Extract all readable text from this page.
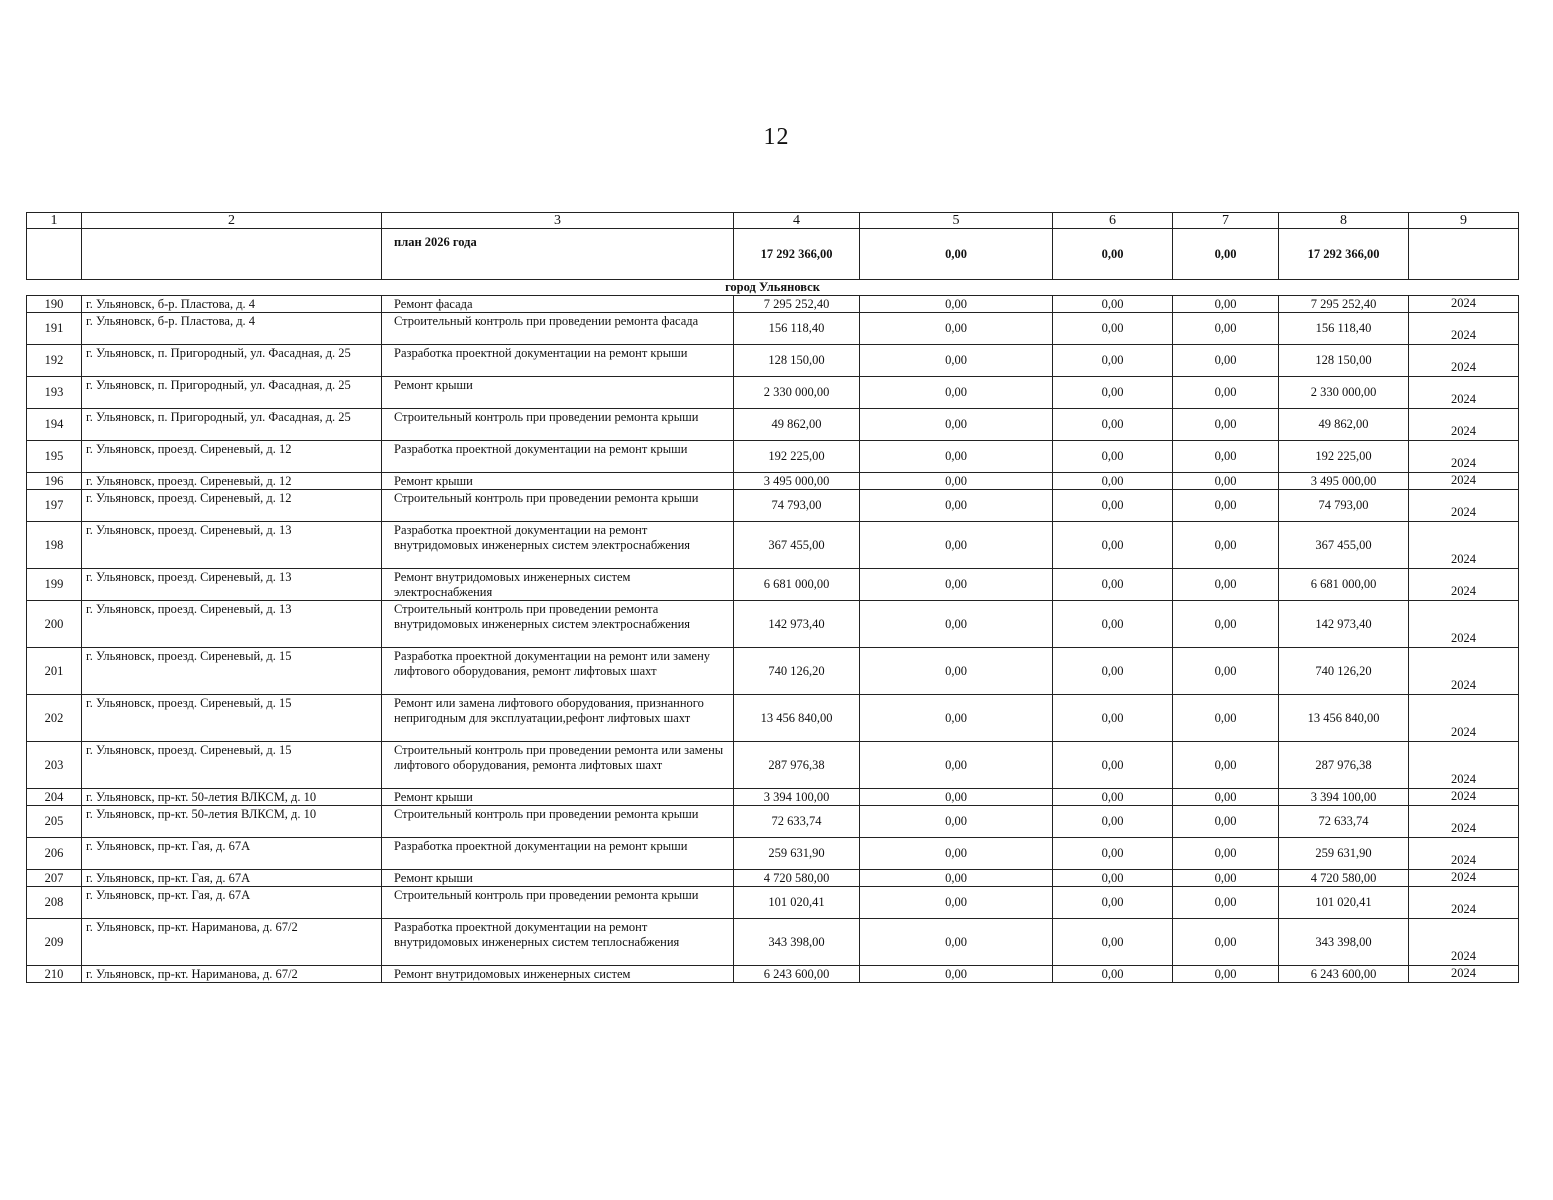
12
1	2	3	4	5	6	7	8	9
		план 2026 года	17 292 366,00	0,00	0,00	0,00	17 292 366,00	
город Ульяновск								
190	г. Ульяновск, б-р. Пластова, д. 4	Ремонт фасада	7 295 252,40	0,00	0,00	0,00	7 295 252,40	2024
191	г. Ульяновск, б-р. Пластова, д. 4	Строительный контроль при проведении ремонта фасада	156 118,40	0,00	0,00	0,00	156 118,40	2024
192	г. Ульяновск, п. Пригородный, ул. Фасадная, д. 25	Разработка проектной документации на ремонт крыши	128 150,00	0,00	0,00	0,00	128 150,00	2024
193	г. Ульяновск, п. Пригородный, ул. Фасадная, д. 25	Ремонт крыши	2 330 000,00	0,00	0,00	0,00	2 330 000,00	2024
194	г. Ульяновск, п. Пригородный, ул. Фасадная, д. 25	Строительный контроль при проведении ремонта крыши	49 862,00	0,00	0,00	0,00	49 862,00	2024
195	г. Ульяновск, проезд. Сиреневый, д. 12	Разработка проектной документации на ремонт крыши	192 225,00	0,00	0,00	0,00	192 225,00	2024
196	г. Ульяновск, проезд. Сиреневый, д. 12	Ремонт крыши	3 495 000,00	0,00	0,00	0,00	3 495 000,00	2024
197	г. Ульяновск, проезд. Сиреневый, д. 12	Строительный контроль при проведении ремонта крыши	74 793,00	0,00	0,00	0,00	74 793,00	2024
198	г. Ульяновск, проезд. Сиреневый, д. 13	Разработка проектной документации на ремонт внутридомовых инженерных систем электроснабжения	367 455,00	0,00	0,00	0,00	367 455,00	2024
199	г. Ульяновск, проезд. Сиреневый, д. 13	Ремонт внутридомовых инженерных систем электроснабжения	6 681 000,00	0,00	0,00	0,00	6 681 000,00	2024
200	г. Ульяновск, проезд. Сиреневый, д. 13	Строительный контроль при проведении ремонта внутридомовых инженерных систем электроснабжения	142 973,40	0,00	0,00	0,00	142 973,40	2024
201	г. Ульяновск, проезд. Сиреневый, д. 15	Разработка проектной документации на ремонт или замену лифтового оборудования, ремонт лифтовых шахт	740 126,20	0,00	0,00	0,00	740 126,20	2024
202	г. Ульяновск, проезд. Сиреневый, д. 15	Ремонт или замена лифтового оборудования, признанного непригодным для эксплуатации,рефонт лифтовых шахт	13 456 840,00	0,00	0,00	0,00	13 456 840,00	2024
203	г. Ульяновск, проезд. Сиреневый, д. 15	Строительный контроль при проведении ремонта или замены лифтового оборудования, ремонта лифтовых шахт	287 976,38	0,00	0,00	0,00	287 976,38	2024
204	г. Ульяновск, пр-кт. 50-летия ВЛКСМ, д. 10	Ремонт крыши	3 394 100,00	0,00	0,00	0,00	3 394 100,00	2024
205	г. Ульяновск, пр-кт. 50-летия ВЛКСМ, д. 10	Строительный контроль при проведении ремонта крыши	72 633,74	0,00	0,00	0,00	72 633,74	2024
206	г. Ульяновск, пр-кт. Гая, д. 67А	Разработка проектной документации на ремонт крыши	259 631,90	0,00	0,00	0,00	259 631,90	2024
207	г. Ульяновск, пр-кт. Гая, д. 67А	Ремонт крыши	4 720 580,00	0,00	0,00	0,00	4 720 580,00	2024
208	г. Ульяновск, пр-кт. Гая, д. 67А	Строительный контроль при проведении ремонта крыши	101 020,41	0,00	0,00	0,00	101 020,41	2024
209	г. Ульяновск, пр-кт. Нариманова, д. 67/2	Разработка проектной документации на ремонт внутридомовых инженерных систем теплоснабжения	343 398,00	0,00	0,00	0,00	343 398,00	2024
210	г. Ульяновск, пр-кт. Нариманова, д. 67/2	Ремонт внутридомовых инженерных систем	6 243 600,00	0,00	0,00	0,00	6 243 600,00	2024
